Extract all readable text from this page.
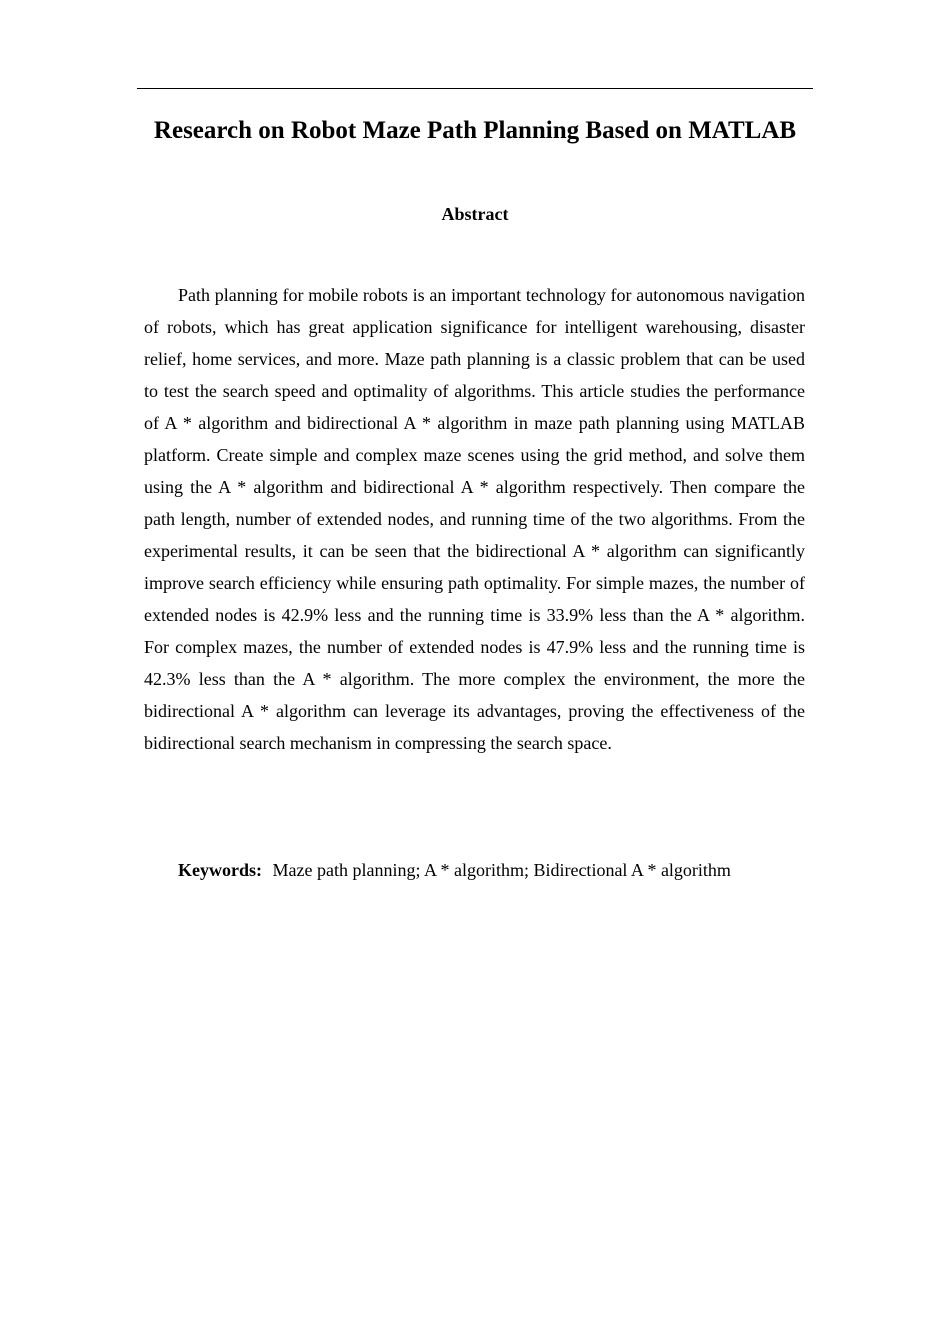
Research on Robot Maze Path Planning Based on MATLAB
Abstract

Path planning for mobile robots is an important technology for autonomous navigation of robots, which has great application significance for intelligent warehousing, disaster relief, home services, and more. Maze path planning is a classic problem that can be used to test the search speed and optimality of algorithms. This article studies the performance of A * algorithm and bidirectional A * algorithm in maze path planning using MATLAB platform. Create simple and complex maze scenes using the grid method, and solve them using the A * algorithm and bidirectional A * algorithm respectively. Then compare the path length, number of extended nodes, and running time of the two algorithms. From the experimental results, it can be seen that the bidirectional A * algorithm can significantly improve search efficiency while ensuring path optimality. For simple mazes, the number of extended nodes is 42.9% less and the running time is 33.9% less than the A * algorithm. For complex mazes, the number of extended nodes is 47.9% less and the running time is 42.3% less than the A * algorithm. The more complex the environment, the more the bidirectional A * algorithm can leverage its advantages, proving the effectiveness of the bidirectional search mechanism in compressing the search space.

Keywords: Maze path planning; A * algorithm; Bidirectional A * algorithm
